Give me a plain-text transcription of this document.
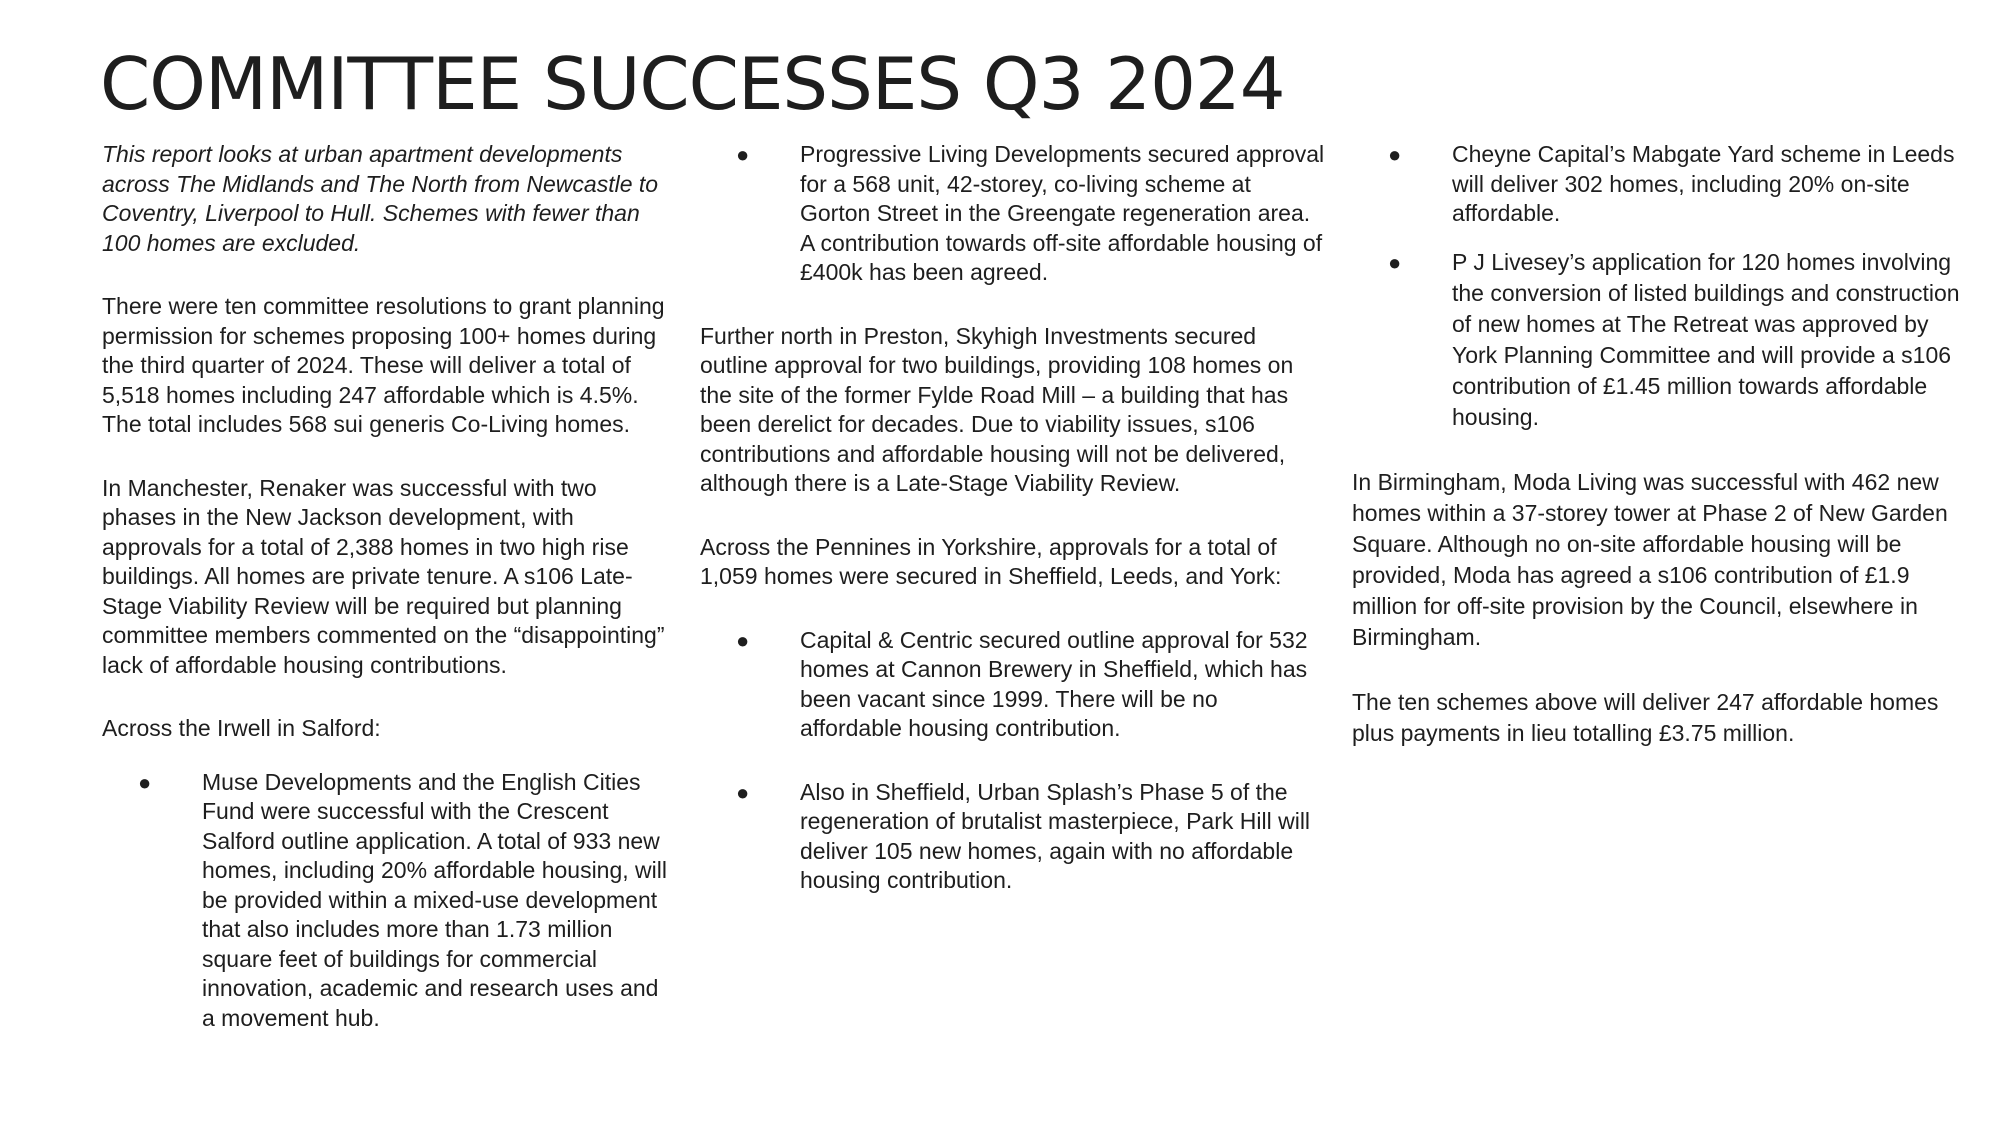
COMMITTEE SUCCESSES Q3 2024

This report looks at urban apartment developments across The Midlands and The North from Newcastle to Coventry, Liverpool to Hull. Schemes with fewer than 100 homes are excluded.

There were ten committee resolutions to grant planning permission for schemes proposing 100+ homes during the third quarter of 2024. These will deliver a total of 5,518 homes including 247 affordable which is 4.5%. The total includes 568 sui generis Co-Living homes.

In Manchester, Renaker was successful with two phases in the New Jackson development, with approvals for a total of 2,388 homes in two high rise buildings. All homes are private tenure. A s106 Late-Stage Viability Review will be required but planning committee members commented on the “disappointing” lack of affordable housing contributions.

Across the Irwell in Salford:

● Muse Developments and the English Cities Fund were successful with the Crescent Salford outline application. A total of 933 new homes, including 20% affordable housing, will be provided within a mixed-use development that also includes more than 1.73 million square feet of buildings for commercial innovation, academic and research uses and a movement hub.
● Progressive Living Developments secured approval for a 568 unit, 42-storey, co-living scheme at Gorton Street in the Greengate regeneration area. A contribution towards off-site affordable housing of £400k has been agreed.

Further north in Preston, Skyhigh Investments secured outline approval for two buildings, providing 108 homes on the site of the former Fylde Road Mill – a building that has been derelict for decades. Due to viability issues, s106 contributions and affordable housing will not be delivered, although there is a Late-Stage Viability Review.

Across the Pennines in Yorkshire, approvals for a total of 1,059 homes were secured in Sheffield, Leeds, and York:

● Capital & Centric secured outline approval for 532 homes at Cannon Brewery in Sheffield, which has been vacant since 1999. There will be no affordable housing contribution.
● Also in Sheffield, Urban Splash’s Phase 5 of the regeneration of brutalist masterpiece, Park Hill will deliver 105 new homes, again with no affordable housing contribution.
● Cheyne Capital’s Mabgate Yard scheme in Leeds will deliver 302 homes, including 20% on-site affordable.
● P J Livesey’s application for 120 homes involving the conversion of listed buildings and construction of new homes at The Retreat was approved by York Planning Committee and will provide a s106 contribution of £1.45 million towards affordable housing.

In Birmingham, Moda Living was successful with 462 new homes within a 37-storey tower at Phase 2 of New Garden Square. Although no on-site affordable housing will be provided, Moda has agreed a s106 contribution of £1.9 million for off-site provision by the Council, elsewhere in Birmingham.

The ten schemes above will deliver 247 affordable homes plus payments in lieu totalling £3.75 million.
